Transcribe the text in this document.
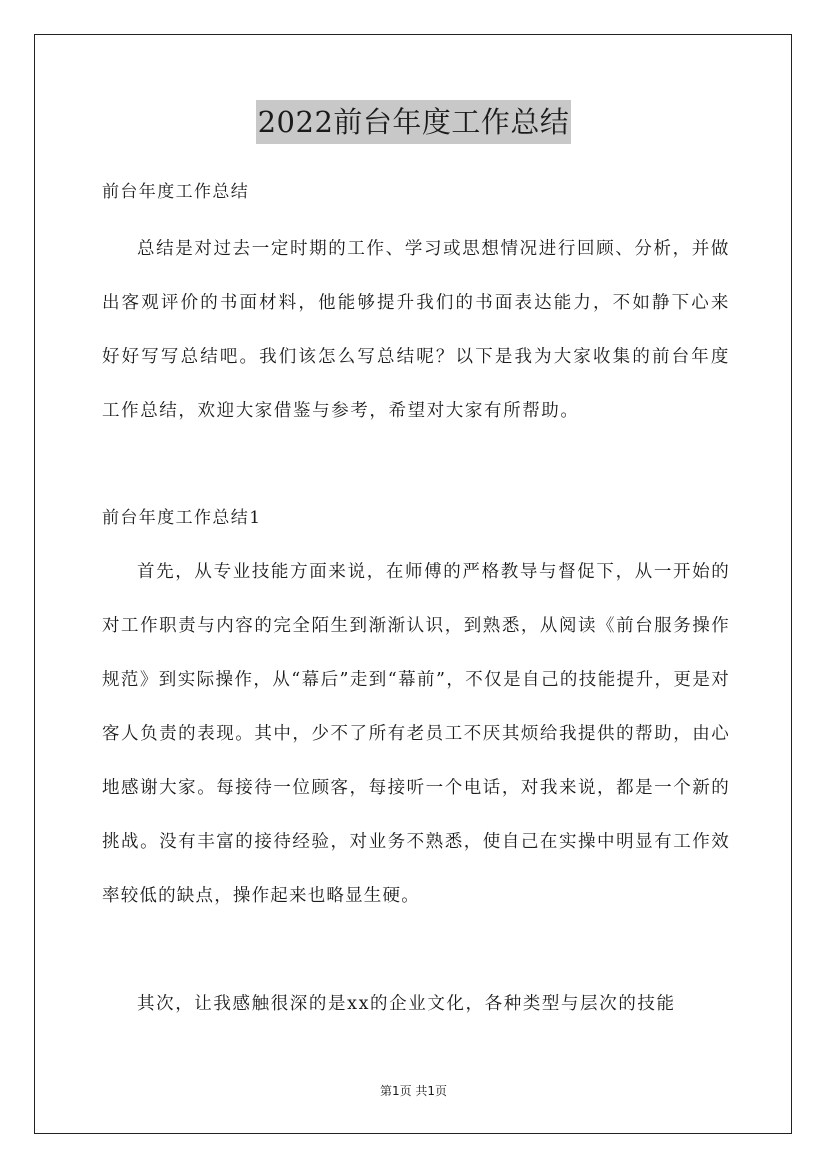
2022前台年度工作总结
前台年度工作总结

总结是对过去一定时期的工作、学习或思想情况进行回顾、分析，并做出客观评价的书面材料，他能够提升我们的书面表达能力，不如静下心来好好写写总结吧。我们该怎么写总结呢？以下是我为大家收集的前台年度工作总结，欢迎大家借鉴与参考，希望对大家有所帮助。

前台年度工作总结1

首先，从专业技能方面来说，在师傅的严格教导与督促下，从一开始的对工作职责与内容的完全陌生到渐渐认识，到熟悉，从阅读《前台服务操作规范》到实际操作，从“幕后”走到“幕前”，不仅是自己的技能提升，更是对客人负责的表现。其中，少不了所有老员工不厌其烦给我提供的帮助，由心地感谢大家。每接待一位顾客，每接听一个电话，对我来说，都是一个新的挑战。没有丰富的接待经验，对业务不熟悉，使自己在实操中明显有工作效率较低的缺点，操作起来也略显生硬。

其次，让我感触很深的是xx的企业文化，各种类型与层次的技能

第1页 共1页
